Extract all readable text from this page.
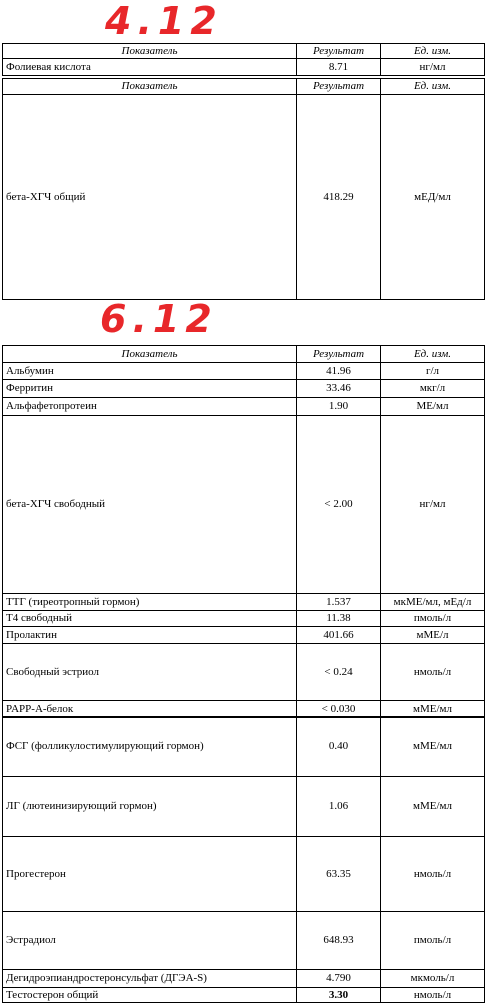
4.12
Показатель	Результат	Ед. изм.
Фолиевая кислота	8.71	нг/мл
Показатель	Результат	Ед. изм.
бета-ХГЧ общий	418.29	мЕД/мл
6.12
Показатель	Результат	Ед. изм.
Альбумин	41.96	г/л
Ферритин	33.46	мкг/л
Альфафетопротеин	1.90	МЕ/мл
бета-ХГЧ свободный	< 2.00	нг/мл
ТТГ (тиреотропный гормон)	1.537	мкМЕ/мл, мЕд/л
Т4 свободный	11.38	пмоль/л
Пролактин	401.66	мМЕ/л
Свободный эстриол	< 0.24	нмоль/л
PAPP-A-белок	< 0.030	мМЕ/мл
ФСГ (фолликулостимулирующий гормон)	0.40	мМЕ/мл
ЛГ (лютеинизирующий гормон)	1.06	мМЕ/мл
Прогестерон	63.35	нмоль/л
Эстрадиол	648.93	пмоль/л
Дегидроэпиандростеронсульфат (ДГЭА-S)	4.790	мкмоль/л
Тестостерон общий	3.30	нмоль/л
